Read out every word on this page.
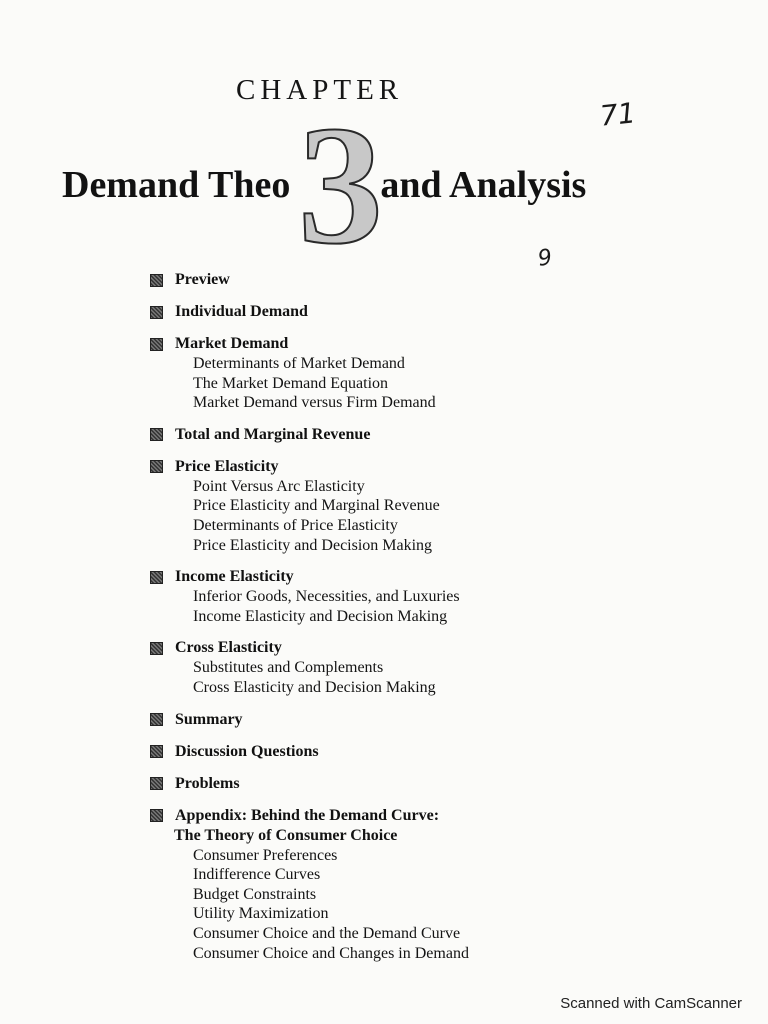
3
CHAPTER
Demand Theo and Analysis
71
9
Preview
Individual Demand
Market Demand
Determinants of Market Demand
The Market Demand Equation
Market Demand versus Firm Demand
Total and Marginal Revenue
Price Elasticity
Point Versus Arc Elasticity
Price Elasticity and Marginal Revenue
Determinants of Price Elasticity
Price Elasticity and Decision Making
Income Elasticity
Inferior Goods, Necessities, and Luxuries
Income Elasticity and Decision Making
Cross Elasticity
Substitutes and Complements
Cross Elasticity and Decision Making
Summary
Discussion Questions
Problems
Appendix: Behind the Demand Curve:
The Theory of Consumer Choice
Consumer Preferences
Indifference Curves
Budget Constraints
Utility Maximization
Consumer Choice and the Demand Curve
Consumer Choice and Changes in Demand
Scanned with CamScanner
